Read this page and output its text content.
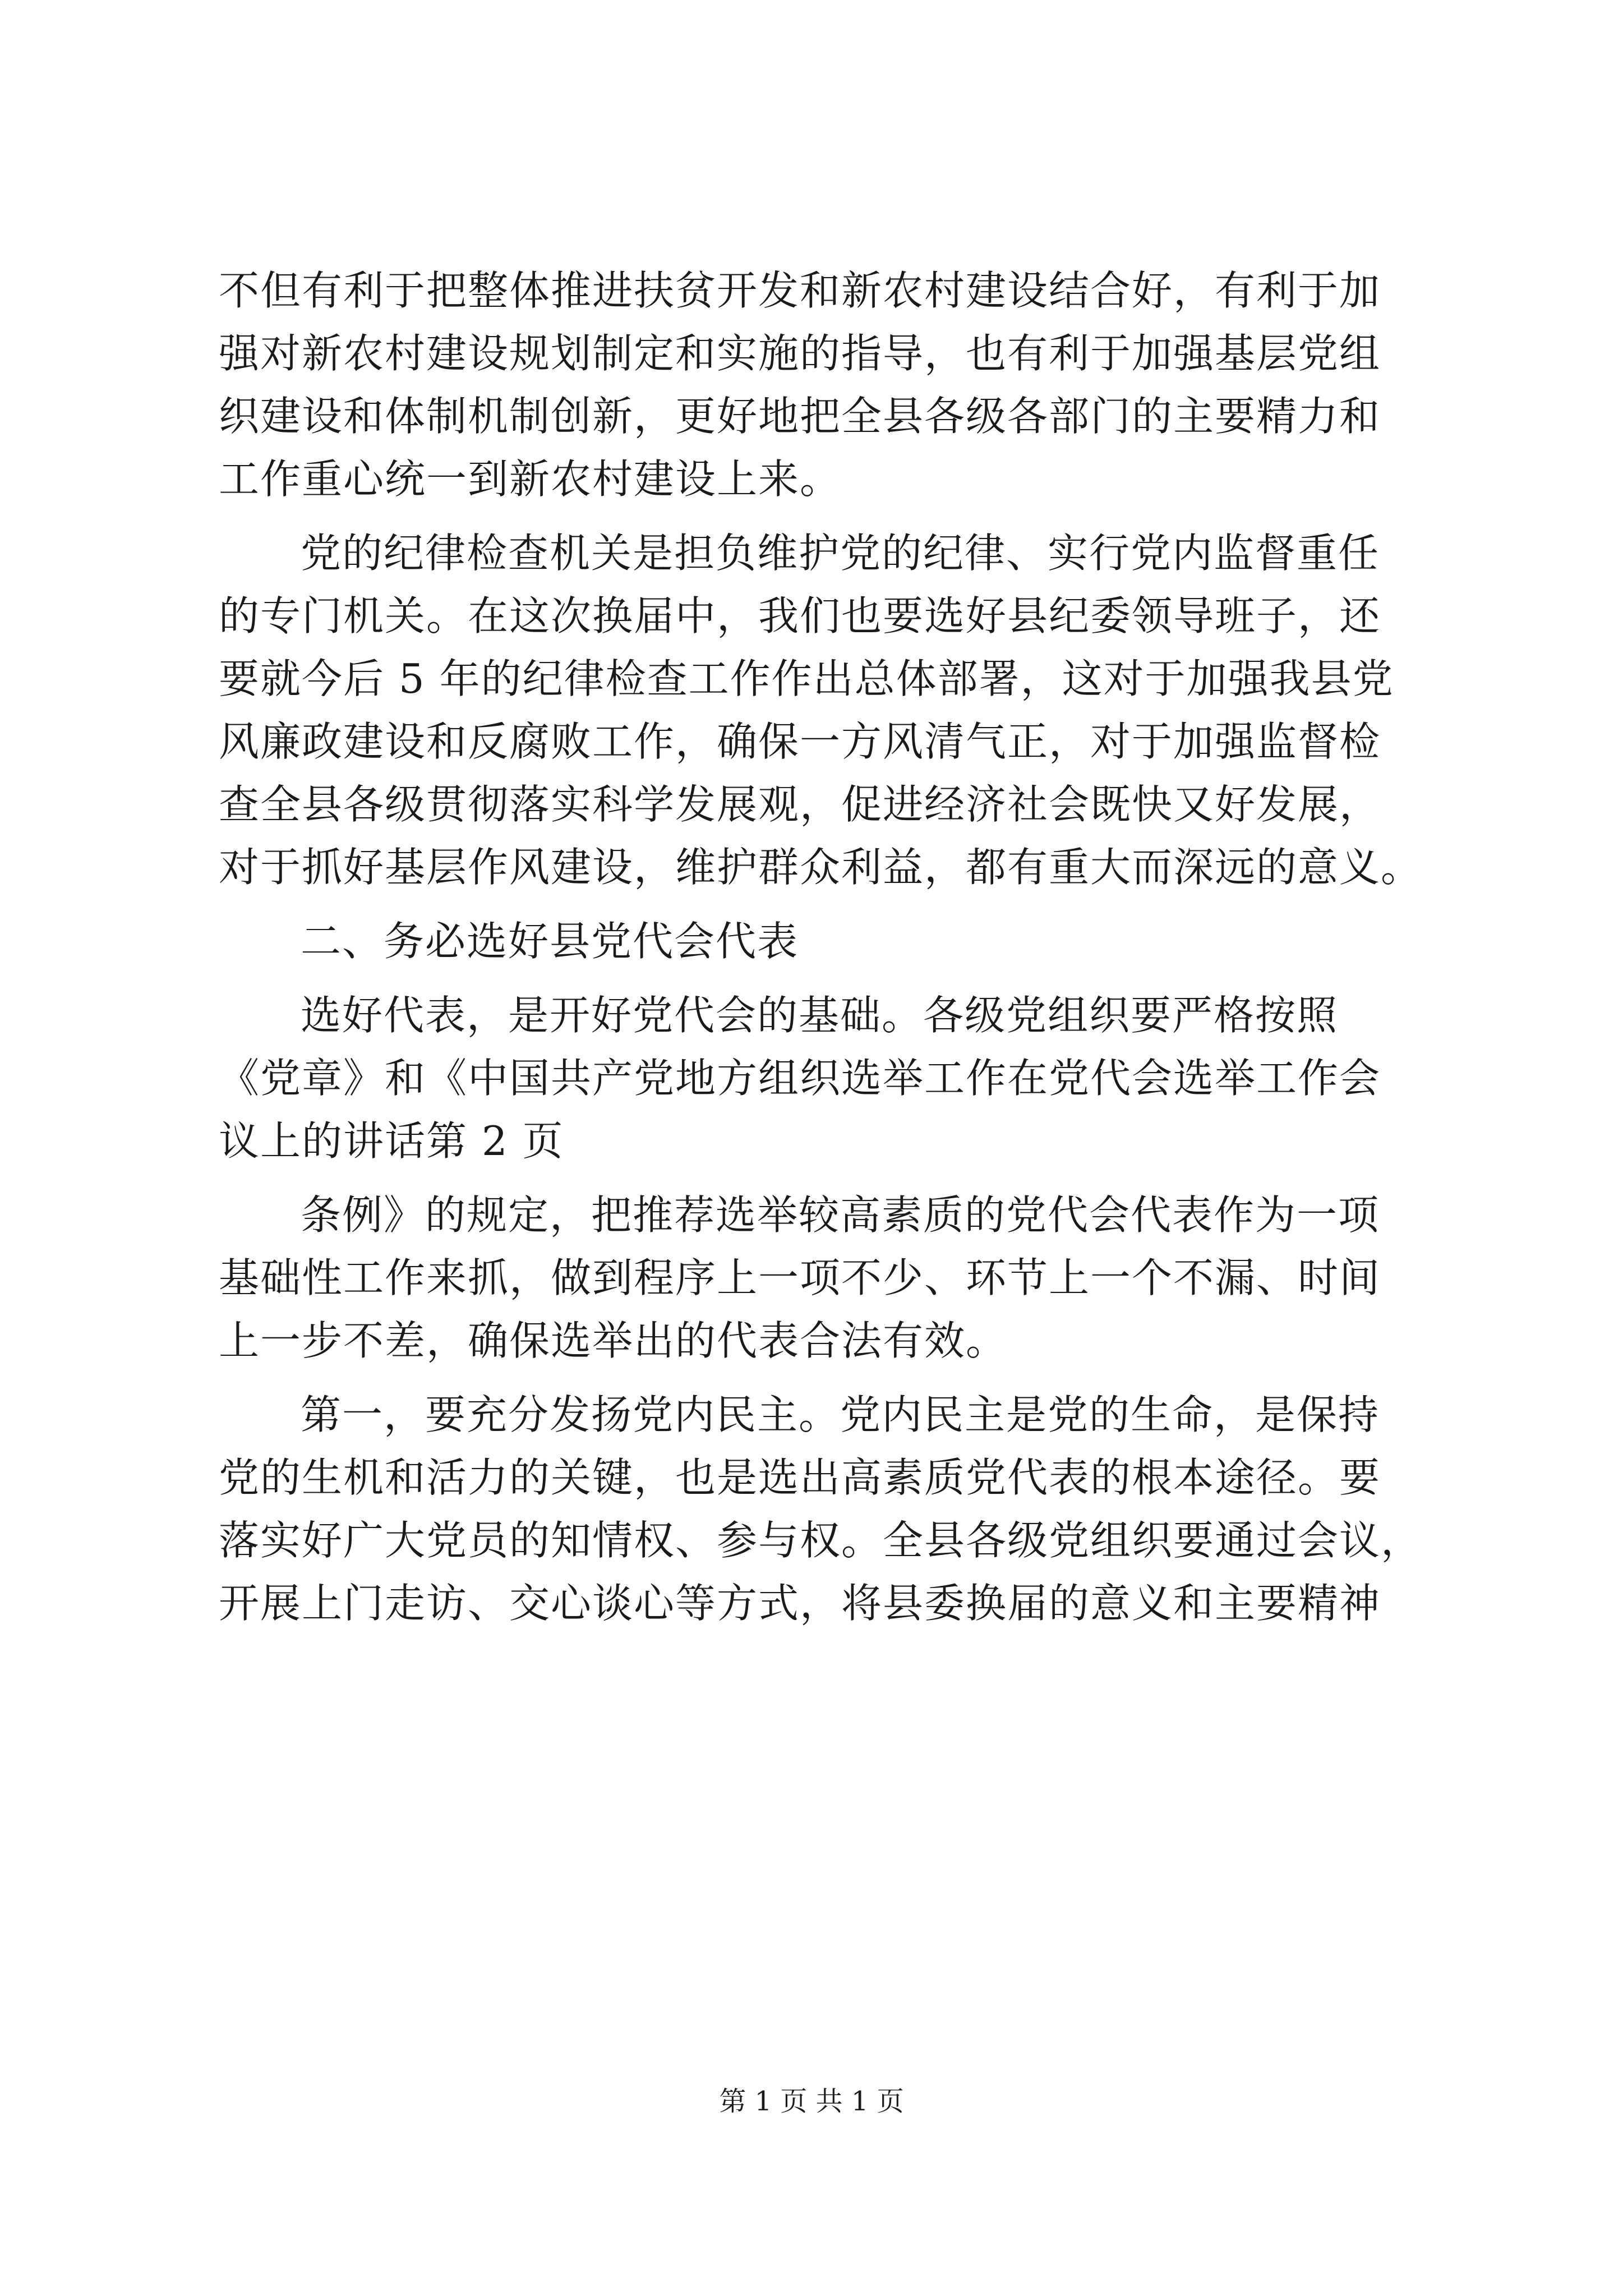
不但有利于把整体推进扶贫开发和新农村建设结合好，有利于加
强对新农村建设规划制定和实施的指导，也有利于加强基层党组
织建设和体制机制创新，更好地把全县各级各部门的主要精力和
工作重心统一到新农村建设上来。

党的纪律检查机关是担负维护党的纪律、实行党内监督重任
的专门机关。在这次换届中，我们也要选好县纪委领导班子，还
要就今后 5 年的纪律检查工作作出总体部署，这对于加强我县党
风廉政建设和反腐败工作，确保一方风清气正，对于加强监督检
查全县各级贯彻落实科学发展观，促进经济社会既快又好发展，
对于抓好基层作风建设，维护群众利益，都有重大而深远的意义。

二、务必选好县党代会代表

选好代表，是开好党代会的基础。各级党组织要严格按照
《党章》和《中国共产党地方组织选举工作在党代会选举工作会
议上的讲话第 2 页

条例》的规定，把推荐选举较高素质的党代会代表作为一项
基础性工作来抓，做到程序上一项不少、环节上一个不漏、时间
上一步不差，确保选举出的代表合法有效。

第一，要充分发扬党内民主。党内民主是党的生命，是保持
党的生机和活力的关键，也是选出高素质党代表的根本途径。要
落实好广大党员的知情权、参与权。全县各级党组织要通过会议，
开展上门走访、交心谈心等方式，将县委换届的意义和主要精神

第 1 页 共 1 页
